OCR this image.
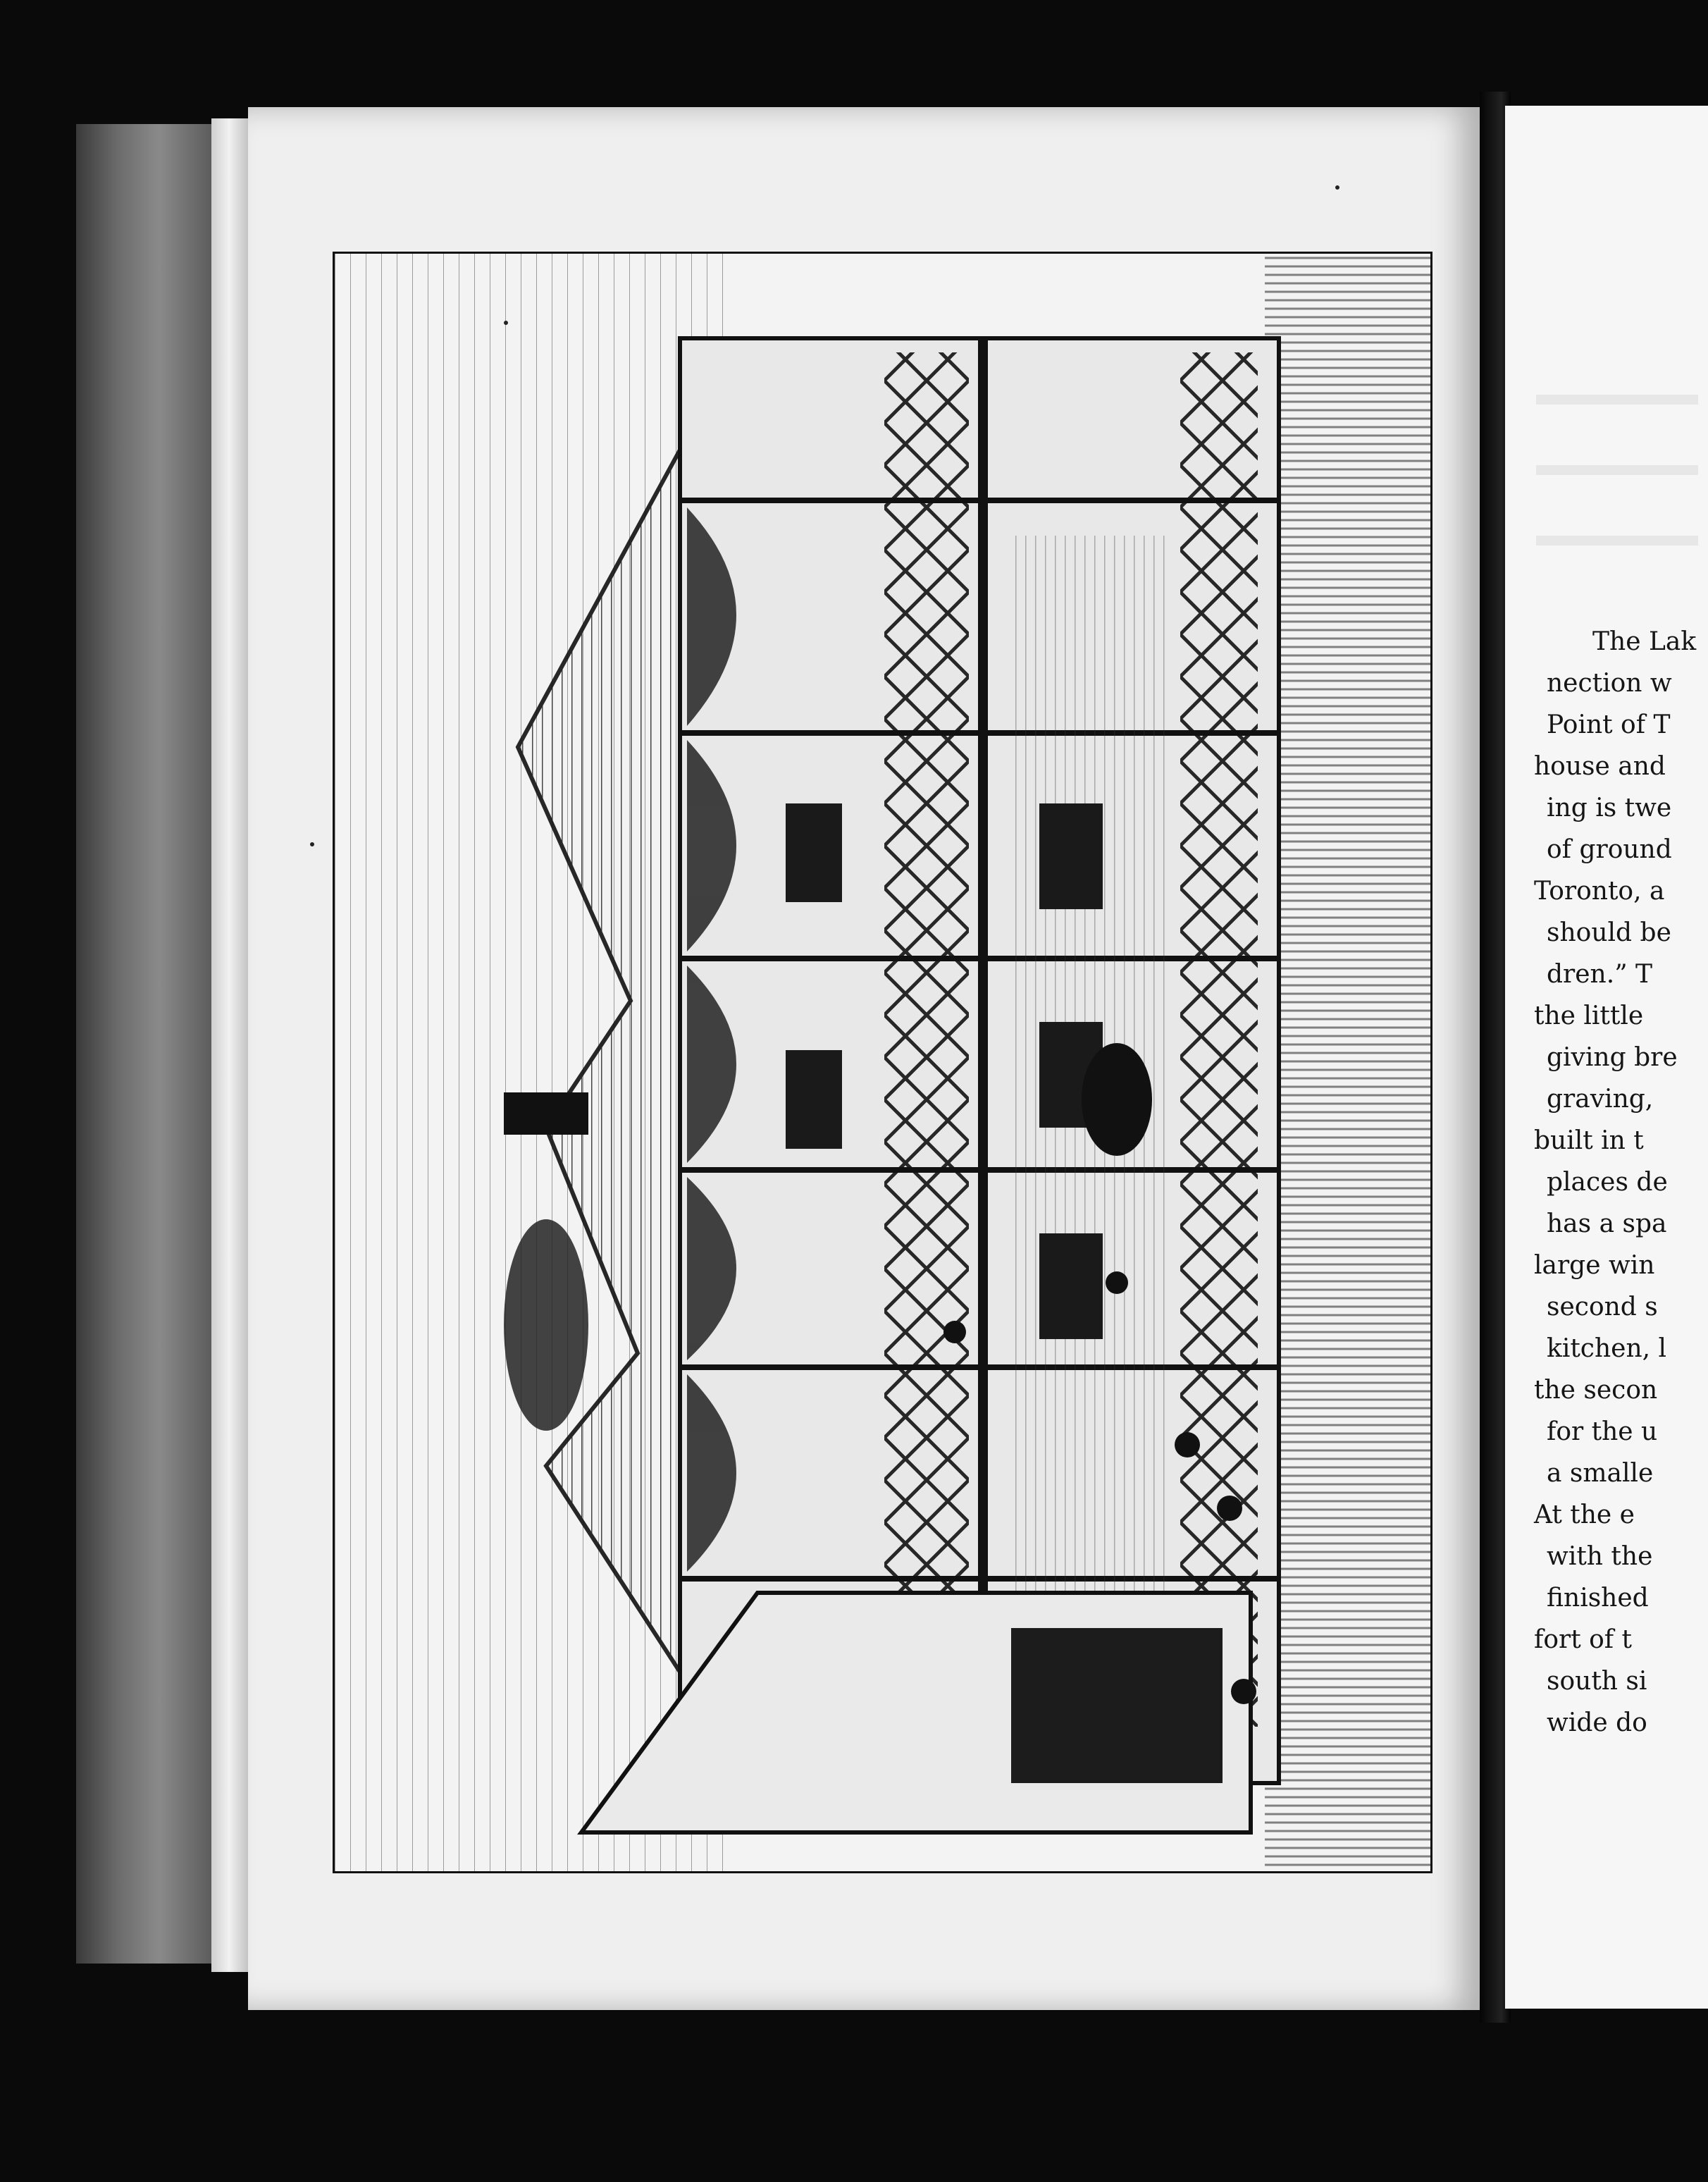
The Lak
nection w
Point of T
house and
ing is twe
of ground
Toronto, a
should be
dren.” T
the little
giving bre
graving,
built in t
places de
has a spa
large win
second s
kitchen, l
the secon
for the u
a smalle
At the e
with the
finished
fort of t
south si
wide do
